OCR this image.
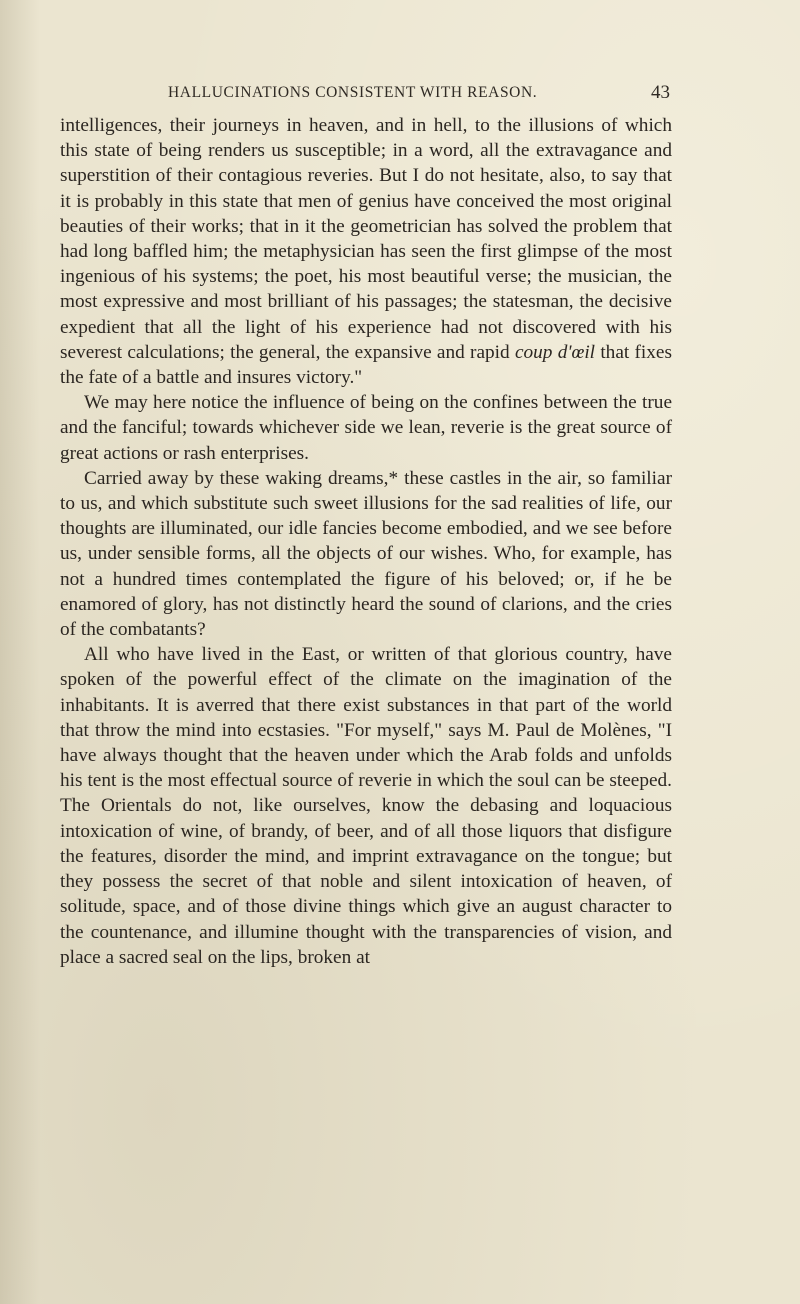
HALLUCINATIONS CONSISTENT WITH REASON.	43

intelligences, their journeys in heaven, and in hell, to the illusions of which this state of being renders us susceptible; in a word, all the extravagance and superstition of their contagious reveries. But I do not hesitate, also, to say that it is probably in this state that men of genius have conceived the most original beauties of their works; that in it the geometrician has solved the problem that had long baffled him; the metaphysician has seen the first glimpse of the most ingenious of his systems; the poet, his most beautiful verse; the musician, the most expressive and most brilliant of his passages; the statesman, the decisive expedient that all the light of his experience had not discovered with his severest calculations; the general, the expansive and rapid coup d'œil that fixes the fate of a battle and insures victory."

We may here notice the influence of being on the confines between the true and the fanciful; towards whichever side we lean, reverie is the great source of great actions or rash enterprises.

Carried away by these waking dreams,* these castles in the air, so familiar to us, and which substitute such sweet illusions for the sad realities of life, our thoughts are illuminated, our idle fancies become embodied, and we see before us, under sensible forms, all the objects of our wishes. Who, for example, has not a hundred times contemplated the figure of his beloved; or, if he be enamored of glory, has not distinctly heard the sound of clarions, and the cries of the combatants?

All who have lived in the East, or written of that glorious country, have spoken of the powerful effect of the climate on the imagination of the inhabitants. It is averred that there exist substances in that part of the world that throw the mind into ecstasies. "For myself," says M. Paul de Molènes, "I have always thought that the heaven under which the Arab folds and unfolds his tent is the most effectual source of reverie in which the soul can be steeped. The Orientals do not, like ourselves, know the debasing and loquacious intoxication of wine, of brandy, of beer, and of all those liquors that disfigure the features, disorder the mind, and imprint extravagance on the tongue; but they possess the secret of that noble and silent intoxication of heaven, of solitude, space, and of those divine things which give an august character to the countenance, and illumine thought with the transparencies of vision, and place a sacred seal on the lips, broken at
